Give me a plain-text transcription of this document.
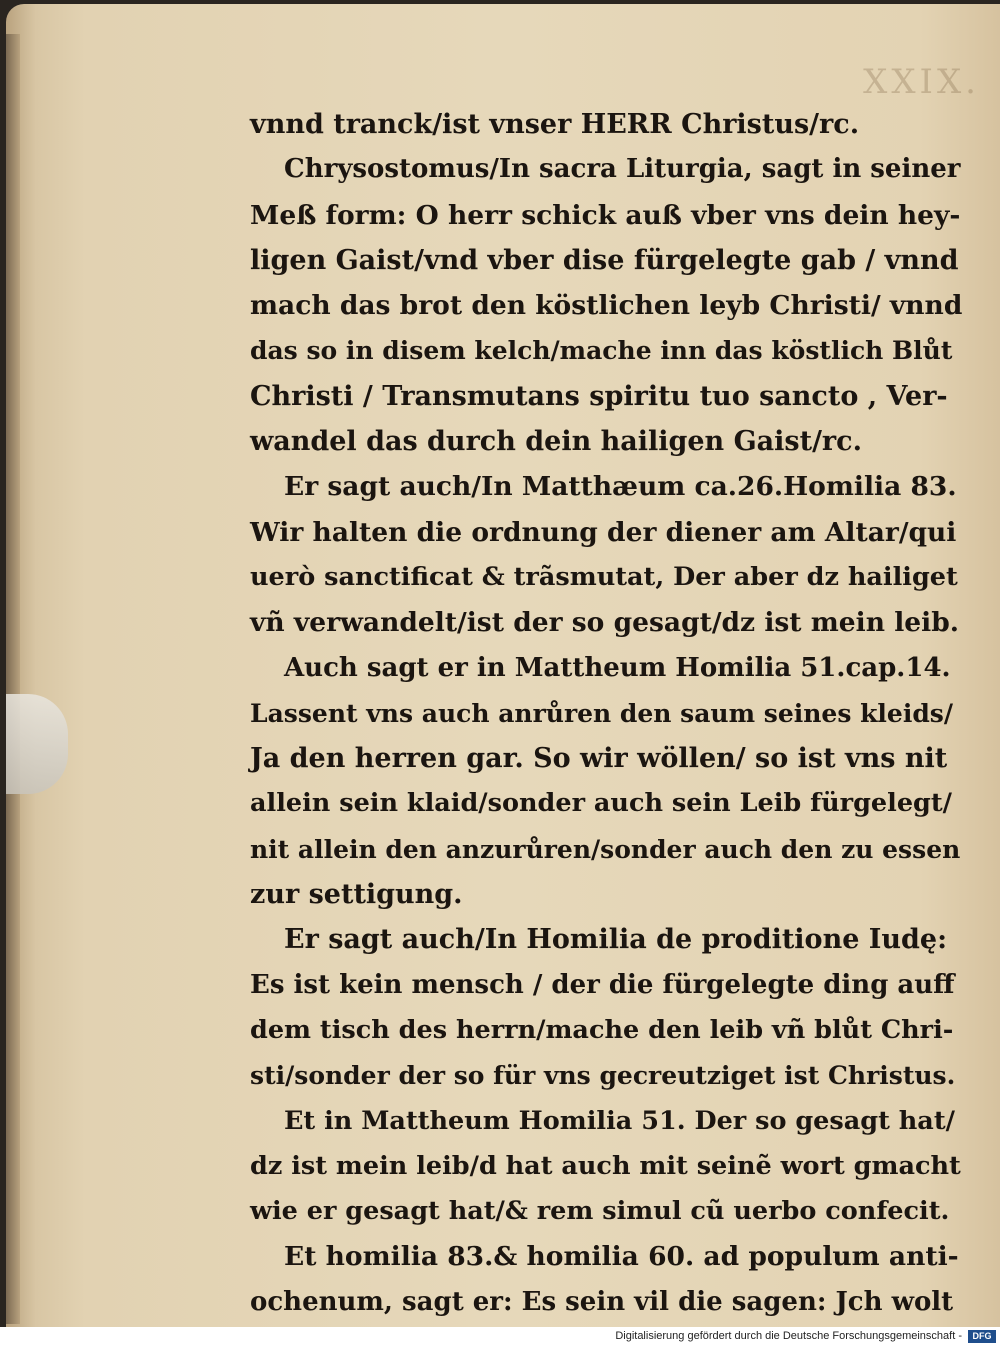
XXIX.
vnnd tranck/ist vnser HERR Christus/rc.
Chrysostomus/In sacra Liturgia, sagt in seiner
Meß form: O herr schick auß vber vns dein hey-
ligen Gaist/vnd vber dise fürgelegte gab / vnnd
mach das brot den köstlichen leyb Christi/ vnnd
das so in disem kelch/mache inn das köstlich Blůt
Christi / Transmutans spiritu tuo sancto , Ver-
wandel das durch dein hailigen Gaist/rc.
Er sagt auch/In Matthæum ca.26.Homilia 83.
Wir halten die ordnung der diener am Altar/qui
uerò sanctificat & trãsmutat, Der aber dz hailiget
vñ verwandelt/ist der so gesagt/dz ist mein leib.
Auch sagt er in Mattheum Homilia 51.cap.14.
Lassent vns auch anrůren den saum seines kleids/
Ja den herren gar. So wir wöllen/ so ist vns nit
allein sein klaid/sonder auch sein Leib fürgelegt/
nit allein den anzurůren/sonder auch den zu essen
zur settigung.
Er sagt auch/In Homilia de proditione Iudę:
Es ist kein mensch / der die fürgelegte ding auff
dem tisch des herrn/mache den leib vñ blůt Chri-
sti/sonder der so für vns gecreutziget ist Christus.
Et in Mattheum Homilia 51. Der so gesagt hat/
dz ist mein leib/d hat auch mit seinẽ wort gmacht
wie er gesagt hat/& rem simul cũ uerbo confecit.
Et homilia 83.& homilia 60. ad populum anti-
ochenum, sagt er: Es sein vil die sagen: Jch wolt
Digitalisierung gefördert durch die Deutsche Forschungsgemeinschaft -	DFG
